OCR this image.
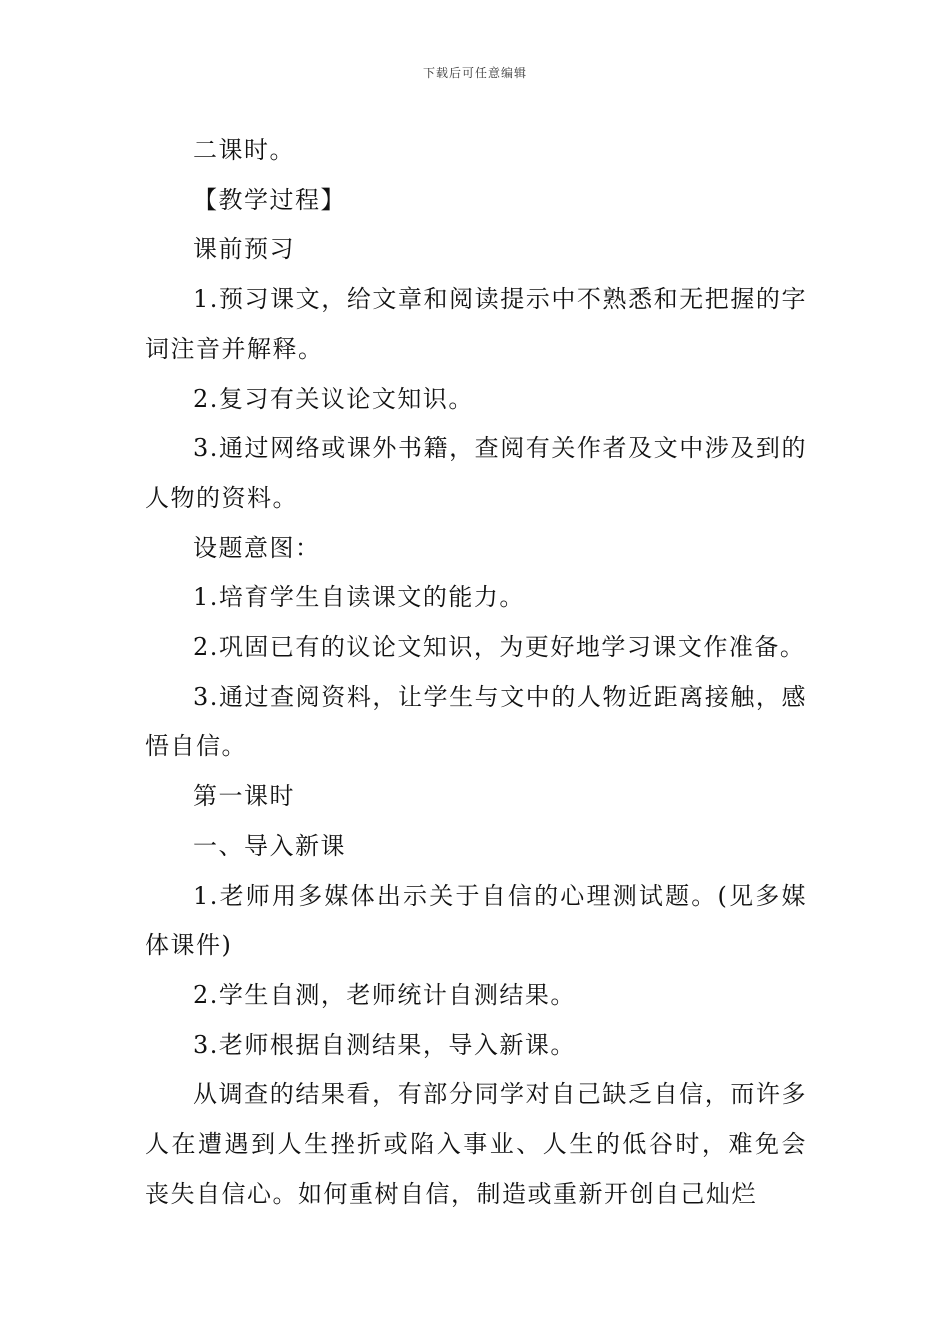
下载后可任意编辑

二课时。

【教学过程】

课前预习

1.预习课文，给文章和阅读提示中不熟悉和无把握的字词注音并解释。

2.复习有关议论文知识。

3.通过网络或课外书籍，查阅有关作者及文中涉及到的人物的资料。

设题意图：

1.培育学生自读课文的能力。

2.巩固已有的议论文知识，为更好地学习课文作准备。

3.通过查阅资料，让学生与文中的人物近距离接触，感悟自信。

第一课时

一、导入新课

1.老师用多媒体出示关于自信的心理测试题。(见多媒体课件)

2.学生自测，老师统计自测结果。

3.老师根据自测结果，导入新课。

从调查的结果看，有部分同学对自己缺乏自信，而许多人在遭遇到人生挫折或陷入事业、人生的低谷时，难免会丧失自信心。如何重树自信，制造或重新开创自己灿烂
